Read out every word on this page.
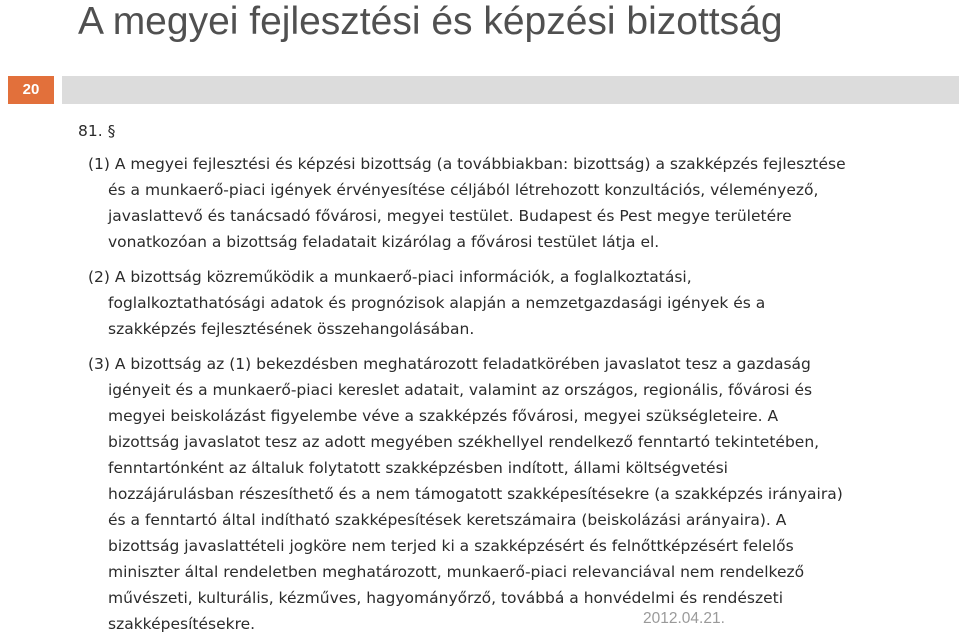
A megyei fejlesztési és képzési bizottság
20
81. §
(1) A megyei fejlesztési és képzési bizottság (a továbbiakban: bizottság) a szakképzés fejlesztése
és a munkaerő-piaci igények érvényesítése céljából létrehozott konzultációs, véleményező,
javaslattevő és tanácsadó fővárosi, megyei testület. Budapest és Pest megye területére
vonatkozóan a bizottság feladatait kizárólag a fővárosi testület látja el.
(2) A bizottság közreműködik a munkaerő-piaci információk, a foglalkoztatási,
foglalkoztathatósági adatok és prognózisok alapján a nemzetgazdasági igények és a
szakképzés fejlesztésének összehangolásában.
(3) A bizottság az (1) bekezdésben meghatározott feladatkörében javaslatot tesz a gazdaság
igényeit és a munkaerő-piaci kereslet adatait, valamint az országos, regionális, fővárosi és
megyei beiskolázást figyelembe véve a szakképzés fővárosi, megyei szükségleteire. A
bizottság javaslatot tesz az adott megyében székhellyel rendelkező fenntartó tekintetében,
fenntartónként az általuk folytatott szakképzésben indított, állami költségvetési
hozzájárulásban részesíthető és a nem támogatott szakképesítésekre (a szakképzés irányaira)
és a fenntartó által indítható szakképesítések keretszámaira (beiskolázási arányaira). A
bizottság javaslattételi jogköre nem terjed ki a szakképzésért és felnőttképzésért felelős
miniszter által rendeletben meghatározott, munkaerő-piaci relevanciával nem rendelkező
művészeti, kulturális, kézműves, hagyományőrző, továbbá a honvédelmi és rendészeti
szakképesítésekre.	2012.04.21.
